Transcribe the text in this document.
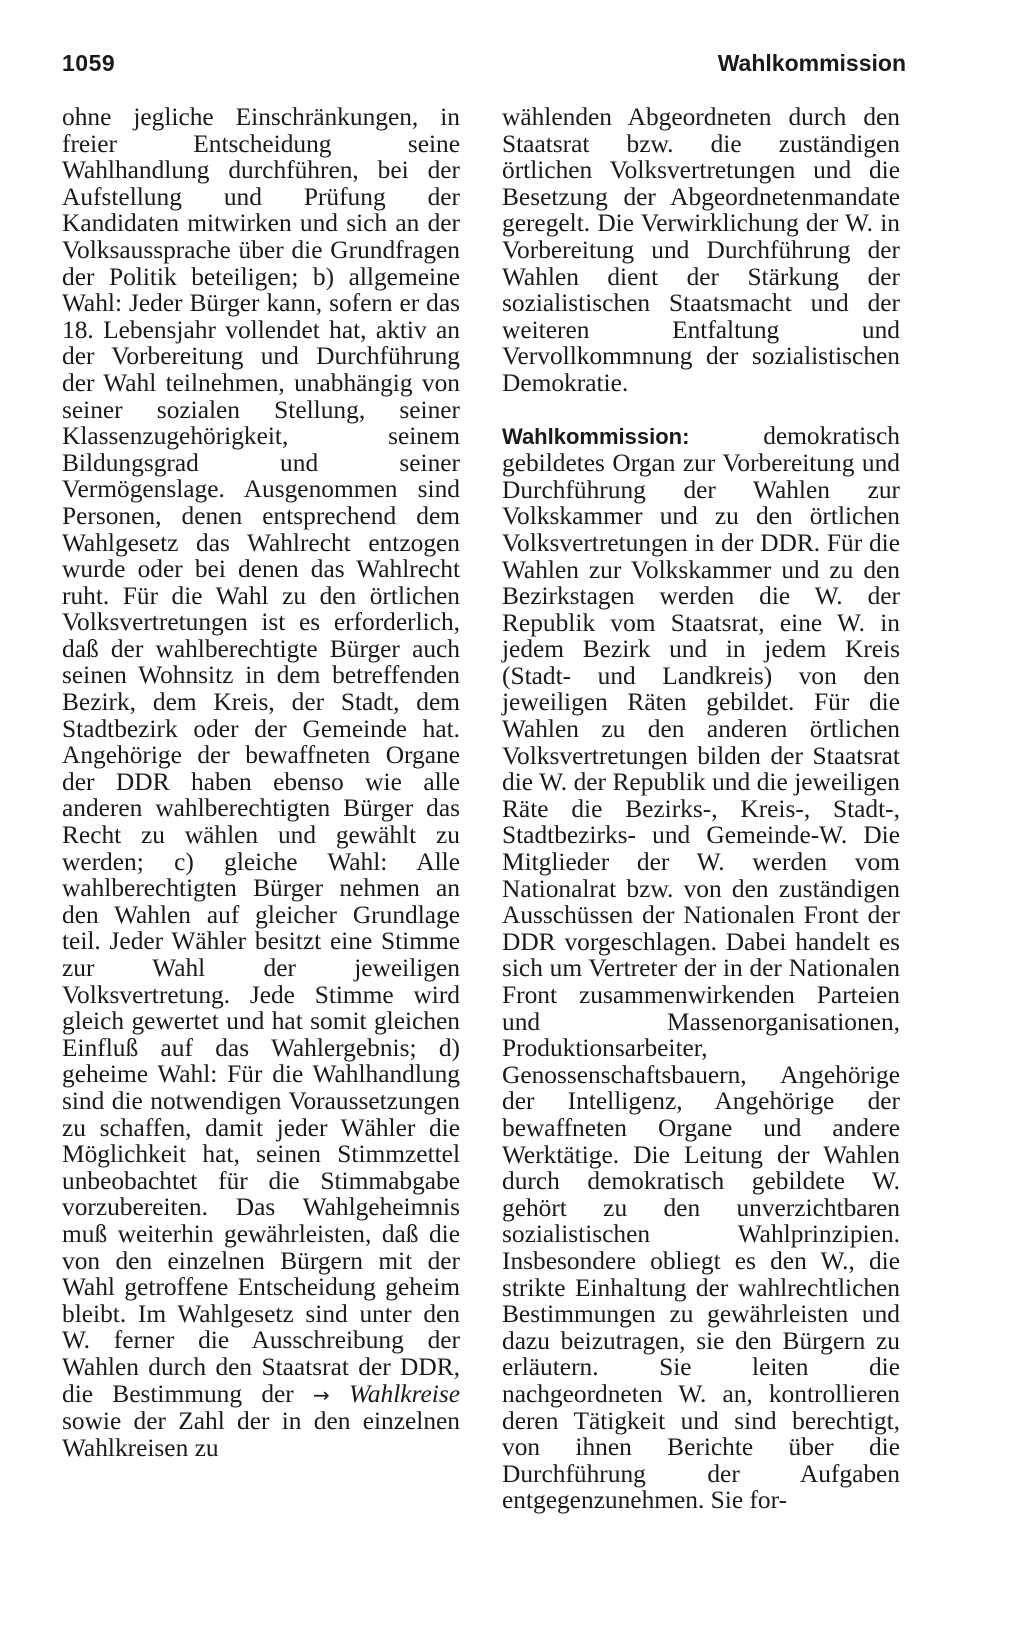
1059	Wahlkommission

ohne jegliche Einschränkungen, in freier Entscheidung seine Wahlhandlung durchführen, bei der Aufstellung und Prüfung der Kandidaten mitwirken und sich an der Volksaussprache über die Grundfragen der Politik beteiligen; b) allgemeine Wahl: Jeder Bürger kann, sofern er das 18. Lebensjahr vollendet hat, aktiv an der Vorbereitung und Durchführung der Wahl teilnehmen, unabhängig von seiner sozialen Stellung, seiner Klassenzugehörigkeit, seinem Bildungsgrad und seiner Vermögenslage. Ausgenommen sind Personen, denen entsprechend dem Wahlgesetz das Wahlrecht entzogen wurde oder bei denen das Wahlrecht ruht. Für die Wahl zu den örtlichen Volksvertretungen ist es erforderlich, daß der wahlberechtigte Bürger auch seinen Wohnsitz in dem betreffenden Bezirk, dem Kreis, der Stadt, dem Stadtbezirk oder der Gemeinde hat. Angehörige der bewaffneten Organe der DDR haben ebenso wie alle anderen wahlberechtigten Bürger das Recht zu wählen und gewählt zu werden; c) gleiche Wahl: Alle wahlberechtigten Bürger nehmen an den Wahlen auf gleicher Grundlage teil. Jeder Wähler besitzt eine Stimme zur Wahl der jeweiligen Volksvertretung. Jede Stimme wird gleich gewertet und hat somit gleichen Einfluß auf das Wahlergebnis; d) geheime Wahl: Für die Wahlhandlung sind die notwendigen Voraussetzungen zu schaffen, damit jeder Wähler die Möglichkeit hat, seinen Stimmzettel unbeobachtet für die Stimmabgabe vorzubereiten. Das Wahlgeheimnis muß weiterhin gewährleisten, daß die von den einzelnen Bürgern mit der Wahl getroffene Entscheidung geheim bleibt. Im Wahlgesetz sind unter den W. ferner die Ausschreibung der Wahlen durch den Staatsrat der DDR, die Bestimmung der → Wahlkreise sowie der Zahl der in den einzelnen Wahlkreisen zu

wählenden Abgeordneten durch den Staatsrat bzw. die zuständigen örtlichen Volksvertretungen und die Besetzung der Abgeordnetenmandate geregelt. Die Verwirklichung der W. in Vorbereitung und Durchführung der Wahlen dient der Stärkung der sozialistischen Staatsmacht und der weiteren Entfaltung und Vervollkommnung der sozialistischen Demokratie.

Wahlkommission:	demokratisch gebildetes Organ zur Vorbereitung und Durchführung der Wahlen zur Volkskammer und zu den örtlichen Volksvertretungen in der DDR. Für die Wahlen zur Volkskammer und zu den Bezirkstagen werden die W. der Republik vom Staatsrat, eine W. in jedem Bezirk und in jedem Kreis (Stadt- und Landkreis) von den jeweiligen Räten gebildet. Für die Wahlen zu den anderen örtlichen Volksvertretungen bilden der Staatsrat die W. der Republik und die jeweiligen Räte die Bezirks-, Kreis-, Stadt-, Stadtbezirks- und Gemeinde-W. Die Mitglieder der W. werden vom Nationalrat bzw. von den zuständigen Ausschüssen der Nationalen Front der DDR vorgeschlagen. Dabei handelt es sich um Vertreter der in der Nationalen Front zusammenwirkenden Parteien und Massenorganisationen, Produktionsarbeiter, Genossenschaftsbauern, Angehörige der Intelligenz, Angehörige der bewaffneten Organe und andere Werktätige. Die Leitung der Wahlen durch demokratisch gebildete W. gehört zu den unverzichtbaren sozialistischen Wahlprinzipien. Insbesondere obliegt es den W., die strikte Einhaltung der wahlrechtlichen Bestimmungen zu gewährleisten und dazu beizutragen, sie den Bürgern zu erläutern. Sie leiten die nachgeordneten W. an, kontrollieren deren Tätigkeit und sind berechtigt, von ihnen Berichte über die Durchführung der Aufgaben entgegenzunehmen. Sie for-
